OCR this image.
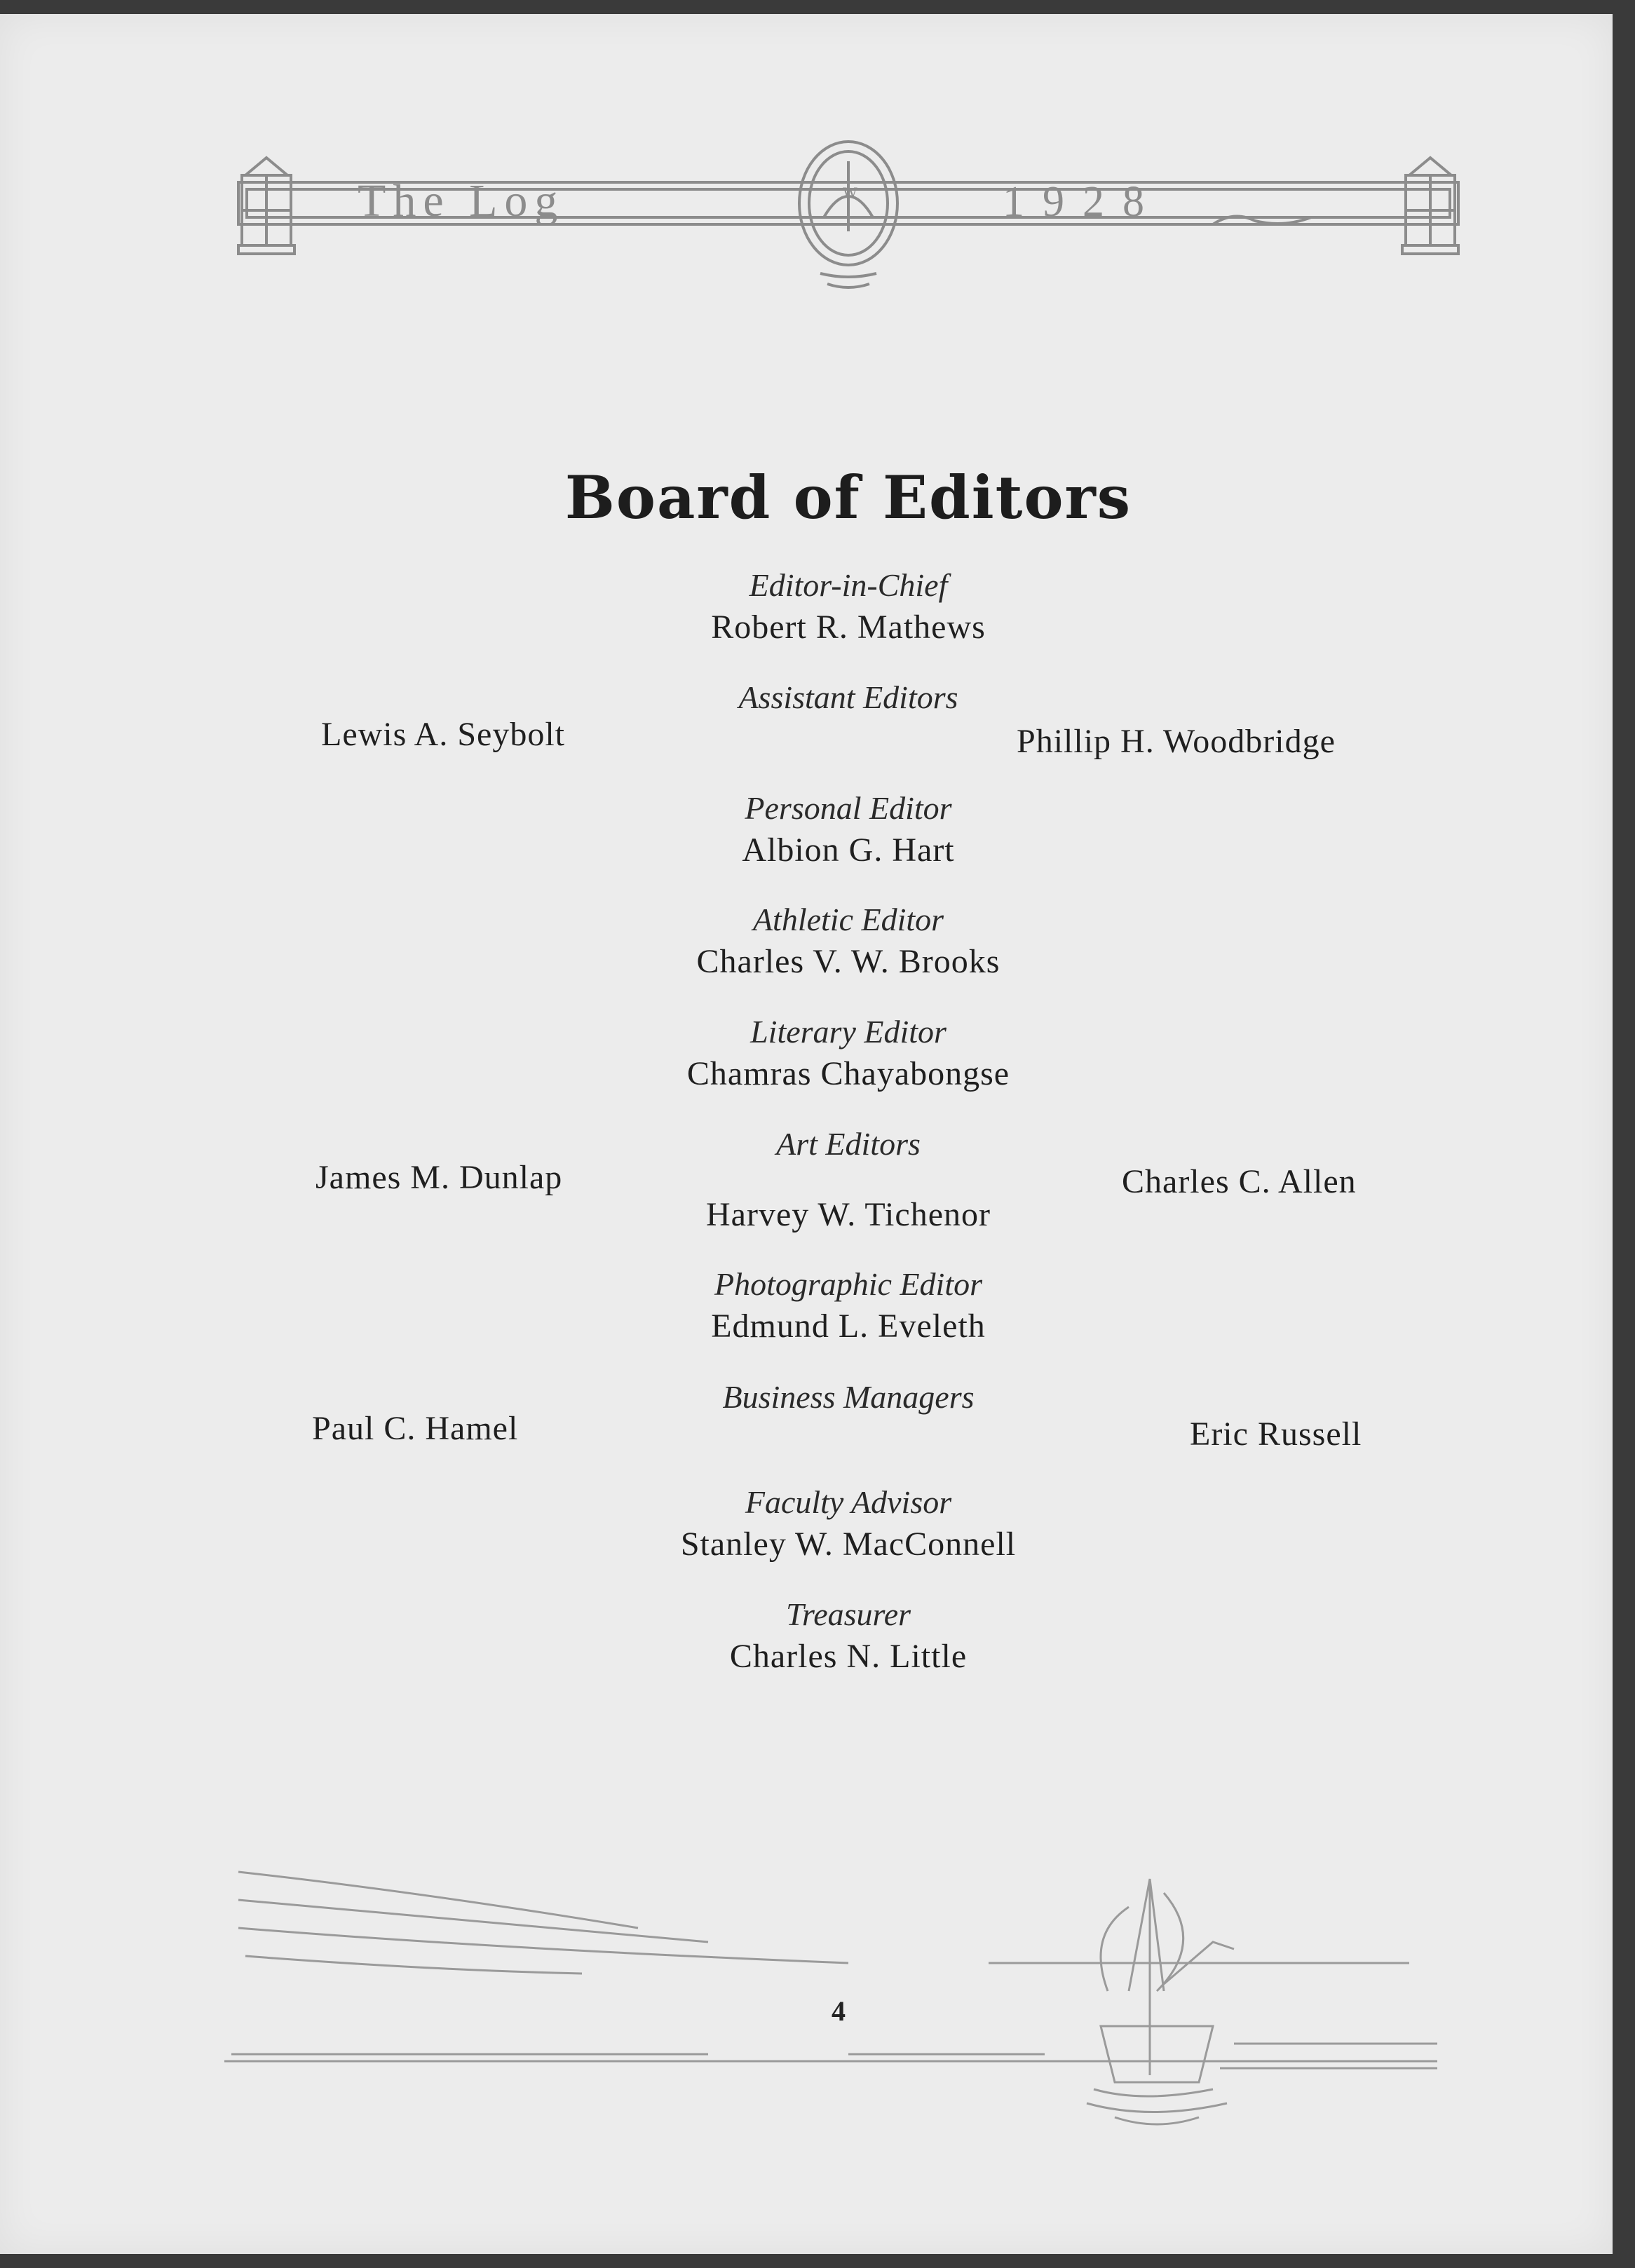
The Log	1928
W
Board of Editors
Editor-in-Chief
Robert R. Mathews
Assistant Editors
Lewis A. Seybolt	Phillip H. Woodbridge
Personal Editor
Albion G. Hart
Athletic Editor
Charles V. W. Brooks
Literary Editor
Chamras Chayabongse
Art Editors
James M. Dunlap
Harvey W. Tichenor
Charles C. Allen
Photographic Editor
Edmund L. Eveleth
Business Managers
Paul C. Hamel	Eric Russell
Faculty Advisor
Stanley W. MacConnell
Treasurer
Charles N. Little
4
